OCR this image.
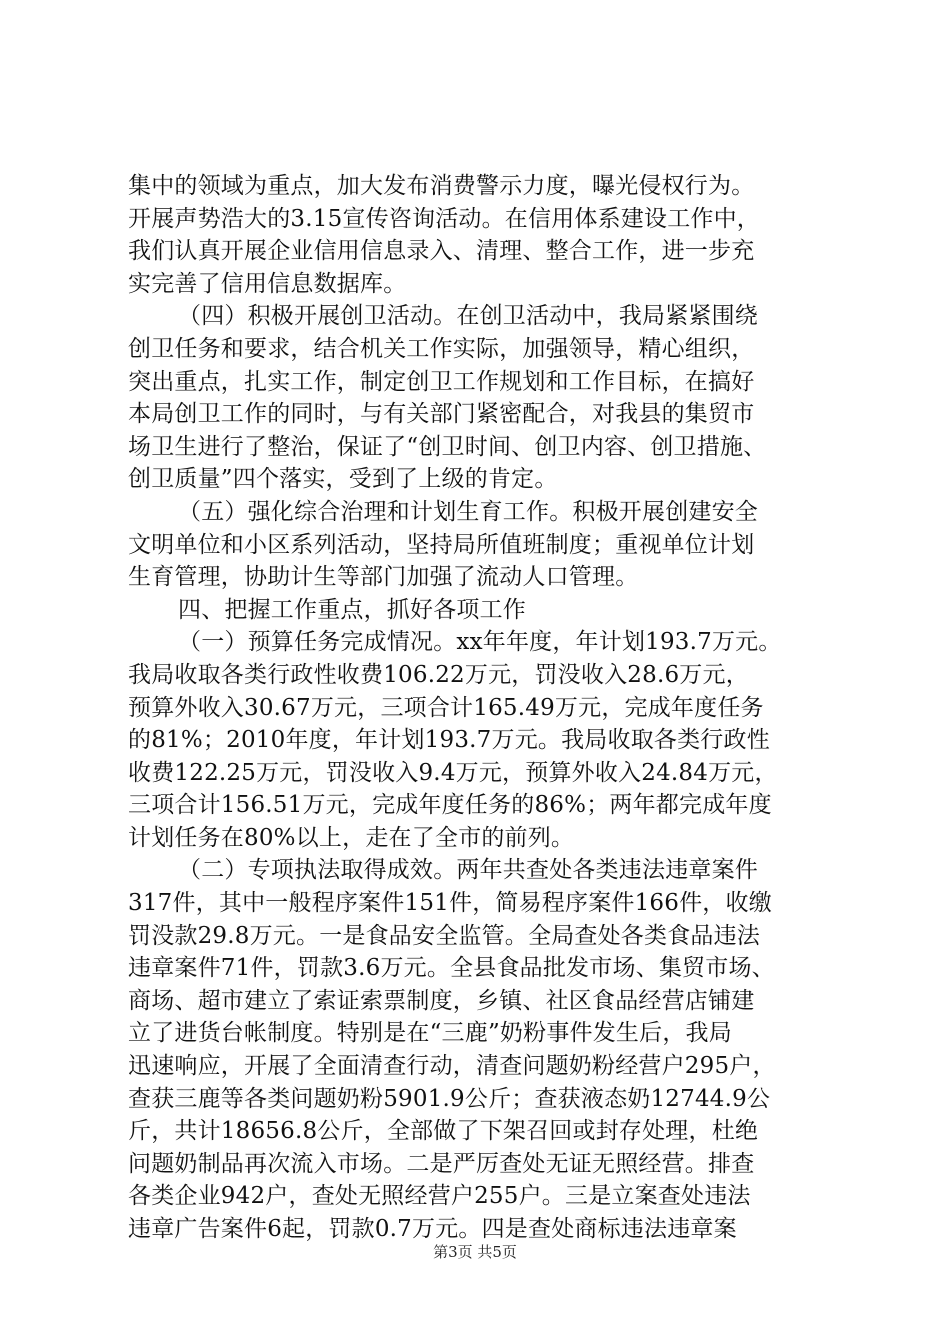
集中的领域为重点，加大发布消费警示力度，曝光侵权行为。
开展声势浩大的3.15宣传咨询活动。在信用体系建设工作中，
我们认真开展企业信用信息录入、清理、整合工作，进一步充
实完善了信用信息数据库。
（四）积极开展创卫活动。在创卫活动中，我局紧紧围绕
创卫任务和要求，结合机关工作实际，加强领导，精心组织，
突出重点，扎实工作，制定创卫工作规划和工作目标，在搞好
本局创卫工作的同时，与有关部门紧密配合，对我县的集贸市
场卫生进行了整治，保证了“创卫时间、创卫内容、创卫措施、
创卫质量”四个落实，受到了上级的肯定。
（五）强化综合治理和计划生育工作。积极开展创建安全
文明单位和小区系列活动，坚持局所值班制度；重视单位计划
生育管理，协助计生等部门加强了流动人口管理。
四、把握工作重点，抓好各项工作
（一）预算任务完成情况。xx年年度，年计划193.7万元。
我局收取各类行政性收费106.22万元，罚没收入28.6万元，
预算外收入30.67万元，三项合计165.49万元，完成年度任务
的81%；2010年度，年计划193.7万元。我局收取各类行政性
收费122.25万元，罚没收入9.4万元，预算外收入24.84万元，
三项合计156.51万元，完成年度任务的86%；两年都完成年度
计划任务在80%以上，走在了全市的前列。
（二）专项执法取得成效。两年共查处各类违法违章案件
317件，其中一般程序案件151件，简易程序案件166件，收缴
罚没款29.8万元。一是食品安全监管。全局查处各类食品违法
违章案件71件，罚款3.6万元。全县食品批发市场、集贸市场、
商场、超市建立了索证索票制度，乡镇、社区食品经营店铺建
立了进货台帐制度。特别是在“三鹿”奶粉事件发生后，我局
迅速响应，开展了全面清查行动，清查问题奶粉经营户295户，
查获三鹿等各类问题奶粉5901.9公斤；查获液态奶12744.9公
斤，共计18656.8公斤，全部做了下架召回或封存处理，杜绝
问题奶制品再次流入市场。二是严厉查处无证无照经营。排查
各类企业942户，查处无照经营户255户。三是立案查处违法
违章广告案件6起，罚款0.7万元。四是查处商标违法违章案
第3页 共5页
